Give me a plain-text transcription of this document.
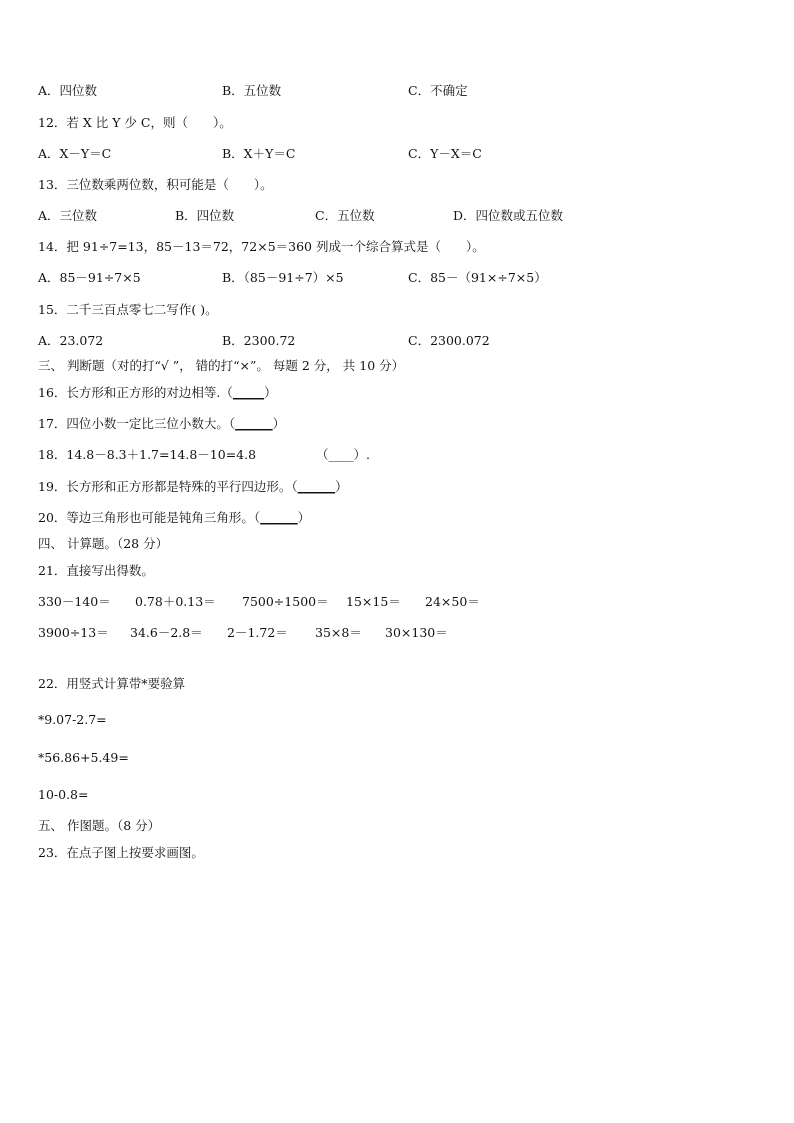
A．四位数	B．五位数	C．不确定
12．若 X 比 Y 少 C，则（　　）。
A．X－Y＝C	B．X＋Y＝C	C．Y－X＝C
13．三位数乘两位数，积可能是（　　）。
A．三位数	B．四位数	C．五位数	D．四位数或五位数
14．把 91÷7=13，85－13＝72，72×5＝360 列成一个综合算式是（　　）。
A．85－91÷7×5	B．（85－91÷7）×5	C．85－（91×÷7×5）
15．二千三百点零七二写作( )。
A．23.072	B．2300.72	C．2300.072
三、 判断题（对的打“√ ”， 错的打“×”。 每题 2 分， 共 10 分）
16．长方形和正方形的对边相等.（_____）
17．四位小数一定比三位小数大。（______）
18．14.8－8.3＋1.7=14.8－10=4.8	（____）.
19．长方形和正方形都是特殊的平行四边形。（______）
20．等边三角形也可能是钝角三角形。（______）
四、 计算题。（28 分）
21．直接写出得数。
330－140＝ 0.78＋0.13＝ 7500÷1500＝ 15×15＝ 24×50＝
3900÷13＝ 34.6－2.8＝ 2－1.72＝ 35×8＝ 30×130＝
22．用竖式计算带*要验算
*9.07-2.7=
*56.86+5.49=
10-0.8=
五、 作图题。（8 分）
23．在点子图上按要求画图。
